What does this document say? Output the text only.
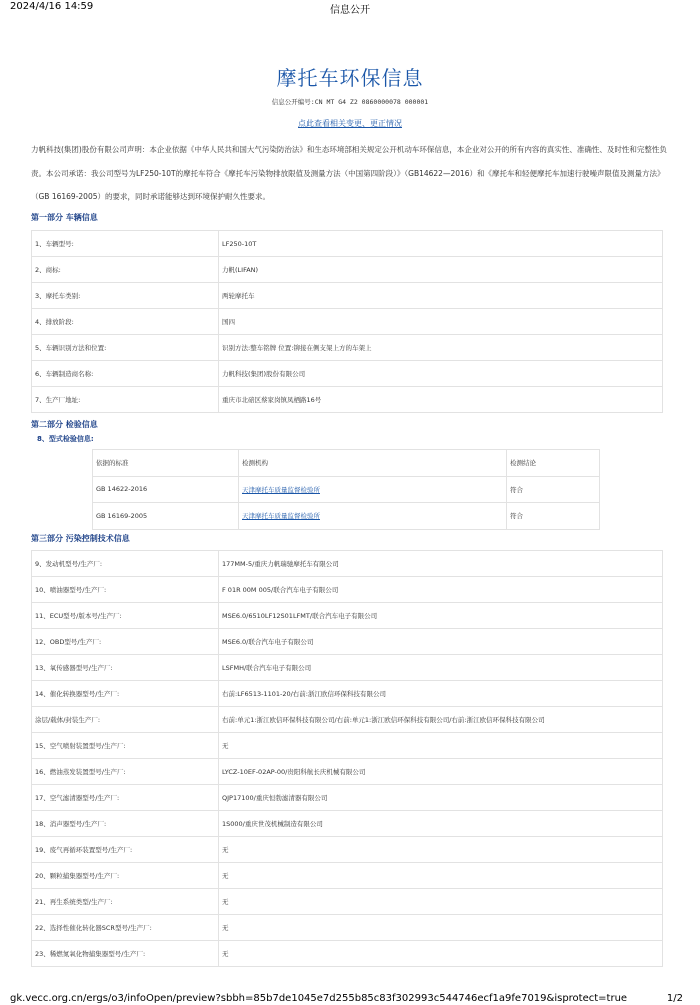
2024/4/16 14:59	信息公开
摩托车环保信息
信息公开编号:CN MT G4 Z2 0860000078 000001
点此查看相关变更、更正情况
力帆科技(集团)股份有限公司声明：本企业依据《中华人民共和国大气污染防治法》和生态环境部相关规定公开机动车环保信息，本企业对公开的所有内容的真实性、准确性、及时性和完整性负责。本公司承诺：我公司型号为LF250-10T的摩托车符合《摩托车污染物排放限值及测量方法（中国第四阶段）》（GB14622—2016）和《摩托车和轻便摩托车加速行驶噪声限值及测量方法》（GB 16169-2005）的要求，同时承诺能够达到环境保护耐久性要求。
第一部分 车辆信息
1、车辆型号:	LF250-10T
2、商标:	力帆(LIFAN)
3、摩托车类别:	两轮摩托车
4、排放阶段:	国四
5、车辆识别方法和位置:	识别方法:整车铭牌 位置:铆接在侧支架上方的车架上
6、车辆制造商名称:	力帆科技(集团)股份有限公司
7、生产厂地址:	重庆市北碚区蔡家岗镇凤栖路16号
第二部分 检验信息
8、型式检验信息:
依据的标准	检测机构	检测结论
GB 14622-2016	天津摩托车质量监督检验所	符合
GB 16169-2005	天津摩托车质量监督检验所	符合
第三部分 污染控制技术信息
9、发动机型号/生产厂:	177MM-5/重庆力帆瑞驰摩托车有限公司
10、喷油器型号/生产厂:	F 01R 00M 005/联合汽车电子有限公司
11、ECU型号/版本号/生产厂:	MSE6.0/6510LF12S01LFMT/联合汽车电子有限公司
12、OBD型号/生产厂:	MSE6.0/联合汽车电子有限公司
13、氧传感器型号/生产厂:	LSFMH/联合汽车电子有限公司
14、催化转换器型号/生产厂:	右前:LF6513-1101-20/右前:浙江欧信环保科技有限公司
涂层/载体/封装生产厂:	右前:单元1:浙江欧信环保科技有限公司/右前:单元1:浙江欧信环保科技有限公司/右前:浙江欧信环保科技有限公司
15、空气喷射装置型号/生产厂:	无
16、燃油蒸发装置型号/生产厂:	LYCZ-10EF-02AP-00/贵阳科航长庆机械有限公司
17、空气滤清器型号/生产厂:	QJP17100/重庆恒勃滤清器有限公司
18、消声器型号/生产厂:	1S000/重庆世茂机械制造有限公司
19、废气再循环装置型号/生产厂:	无
20、颗粒捕集器型号/生产厂:	无
21、再生系统类型/生产厂:	无
22、选择性催化转化器SCR型号/生产厂:	无
23、稀燃氮氧化物捕集器型号/生产厂:	无
gk.vecc.org.cn/ergs/o3/infoOpen/preview?sbbh=85b7de1045e7d255b85c83f302993c544746ecf1a9fe7019&isprotect=true	1/2
